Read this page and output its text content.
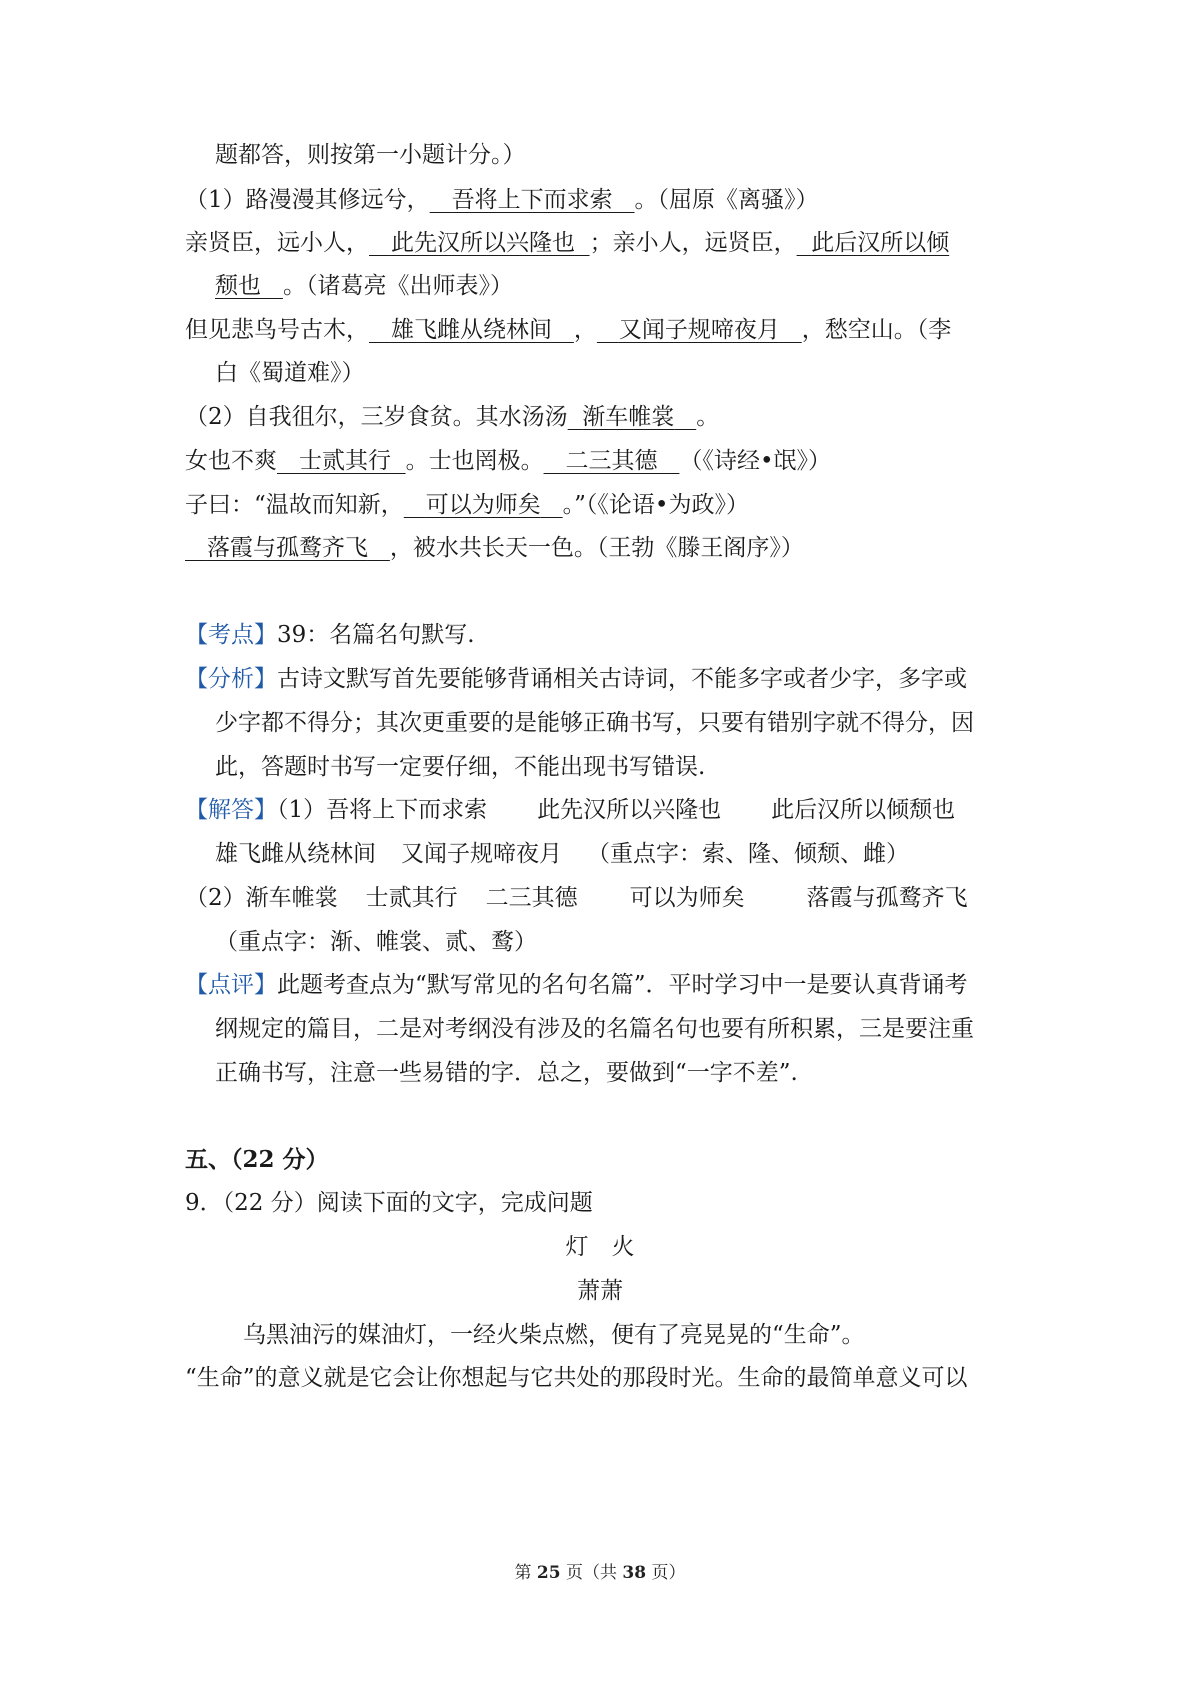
题都答，则按第一小题计分。）
（1）路漫漫其修远兮， 吾将上下而求索 。（屈原《离骚》）
亲贤臣，远小人， 此先汉所以兴隆也 ；亲小人，远贤臣， 此后汉所以倾
颓也 。（诸葛亮《出师表》）
但见悲鸟号古木， 雄飞雌从绕林间 ， 又闻子规啼夜月 ，愁空山。（李
白《蜀道难》）
（2）自我徂尔，三岁食贫。其水汤汤 渐车帷裳 。
女也不爽 士贰其行 。士也罔极。 二三其德 （《诗经•氓》）
子曰：“温故而知新， 可以为师矣 。”（《论语•为政》）
落霞与孤鹜齐飞 ，被水共长天一色。（王勃《滕王阁序》）
【考点】39：名篇名句默写.
【分析】古诗文默写首先要能够背诵相关古诗词，不能多字或者少字，多字或
少字都不得分；其次更重要的是能够正确书写，只要有错别字就不得分，因
此，答题时书写一定要仔细，不能出现书写错误.
【解答】（1）吾将上下而求索 此先汉所以兴隆也 此后汉所以倾颓也
雄飞雌从绕林间 又闻子规啼夜月 （重点字：索、隆、倾颓、雌）
（2）渐车帷裳 士贰其行 二三其德 可以为师矣	落霞与孤鹜齐飞
（重点字：渐、帷裳、贰、鹜）
【点评】此题考查点为“默写常见的名句名篇”．平时学习中一是要认真背诵考
纲规定的篇目，二是对考纲没有涉及的名篇名句也要有所积累，三是要注重
正确书写，注意一些易错的字．总之，要做到“一字不差”.
五、（22 分）
9．（22 分）阅读下面的文字，完成问题
灯　火
萧萧
乌黑油污的媒油灯，一经火柴点燃，便有了亮晃晃的“生命”。
“生命”的意义就是它会让你想起与它共处的那段时光。生命的最简单意义可以
第 25 页（共 38 页）
